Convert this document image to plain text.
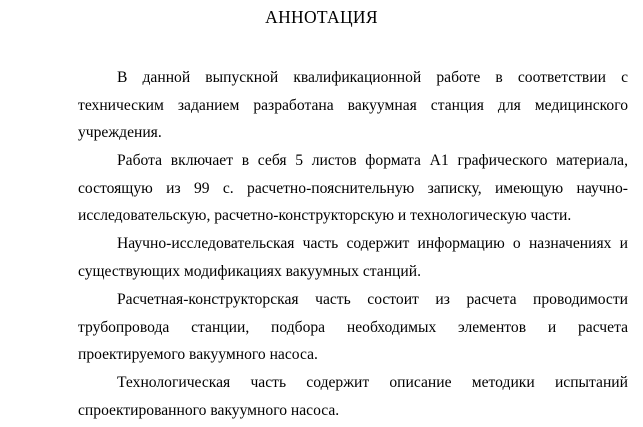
АННОТАЦИЯ

В данной выпускной квалификационной работе в соответствии с техническим заданием разработана вакуумная станция для медицинского учреждения.

Работа включает в себя 5 листов формата А1 графического материала, состоящую из 99 с. расчетно-пояснительную записку, имеющую научно-исследовательскую, расчетно-конструкторскую и технологическую части.

Научно-исследовательская часть содержит информацию о назначениях и существующих модификациях вакуумных станций.

Расчетная-конструкторская часть состоит из расчета проводимости трубопровода станции, подбора необходимых элементов и расчета проектируемого вакуумного насоса.

Технологическая часть содержит описание методики испытаний спроектированного вакуумного насоса.
